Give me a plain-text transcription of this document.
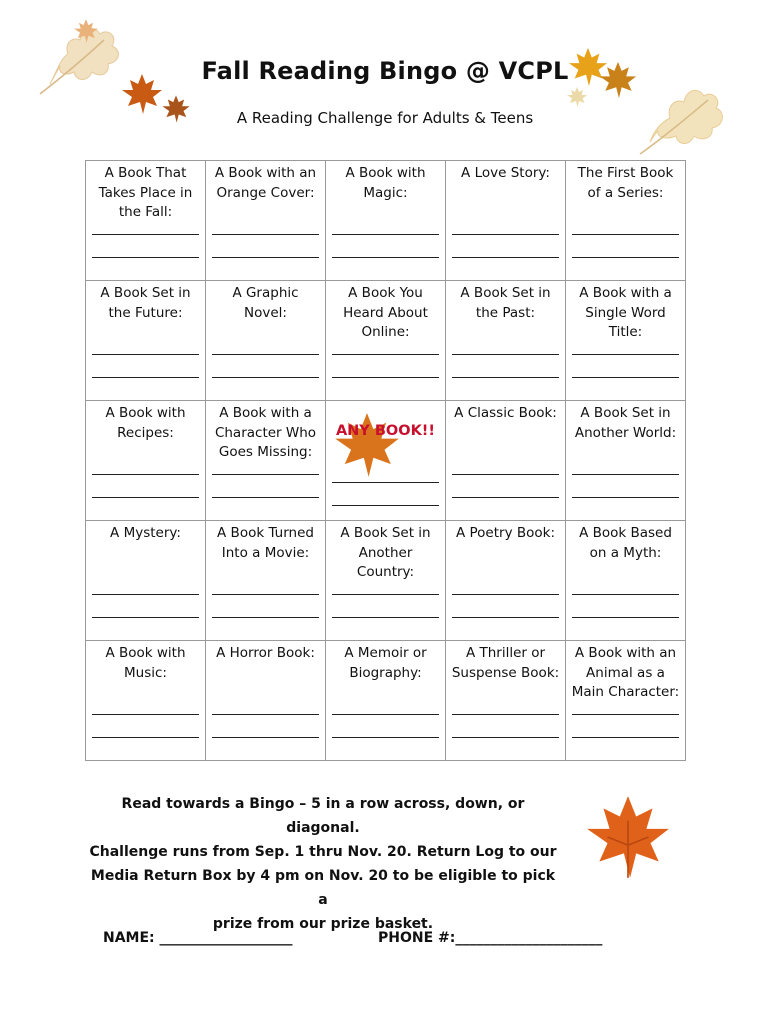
Fall Reading Bingo @ VCPL
A Reading Challenge for Adults & Teens
A Book That Takes Place in the Fall:	A Book with an Orange Cover:	A Book with Magic:	A Love Story:	The First Book of a Series:

A Book Set in the Future:	A Graphic Novel:	A Book You Heard About Online:	A Book Set in the Past:	A Book with a Single Word Title:

A Book with Recipes:	A Book with a Character Who Goes Missing:	ANY BOOK!!	A Classic Book:	A Book Set in Another World:

A Mystery:	A Book Turned Into a Movie:	A Book Set in Another Country:	A Poetry Book:	A Book Based on a Myth:

A Book with Music:	A Horror Book:	A Memoir or Biography:	A Thriller or Suspense Book:	A Book with an Animal as a Main Character:
Read towards a Bingo – 5 in a row across, down, or diagonal.
Challenge runs from Sep. 1 thru Nov. 20. Return Log to our
Media Return Box by 4 pm on Nov. 20 to be eligible to pick a
prize from our prize basket.
NAME: ___________________	PHONE #:_____________________
